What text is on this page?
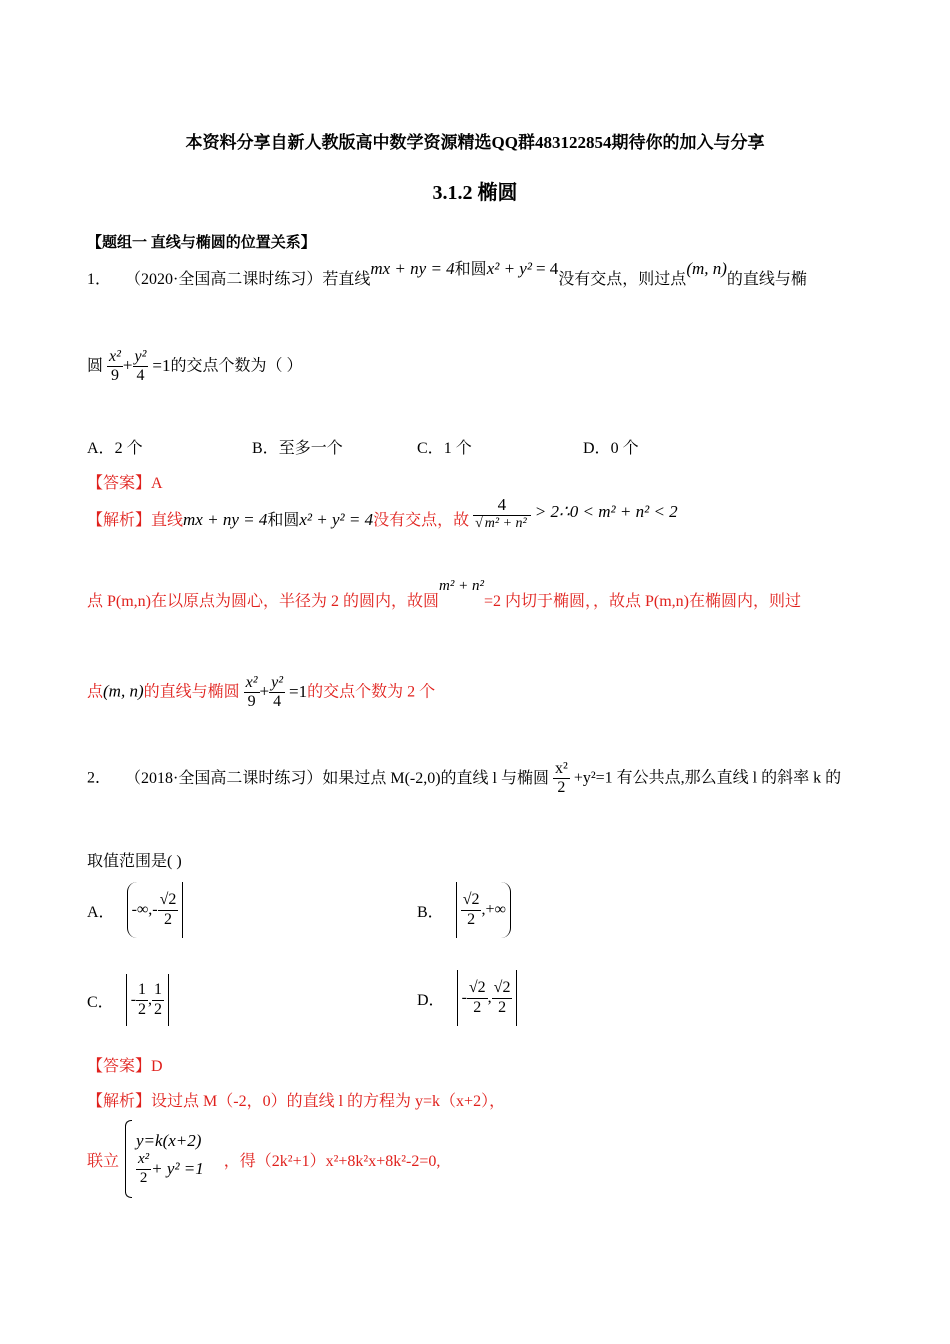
本资料分享自新人教版高中数学资源精选QQ群483122854期待你的加入与分享
3.1.2 椭圆
【题组一 直线与椭圆的位置关系】
1． （2020·全国高二课时练习）若直线mx + ny = 4和圆x² + y² = 4没有交点，则过点(m, n)的直线与椭
圆 $\frac{\text{x²}}{9} + \frac{\text{y²}}{4} =1$的交点个数为（ ）
A．2 个	B．至多一个	C．1 个	D．0 个
【答案】A
【解析】直线mx + ny = 4和圆x² + y² = 4没有交点，故 $\frac{4}{\text{√ m² + n²}}$ > 2∴0 < m² + n² < 2
点 P(m,n)在以原点为圆心，半径为 2 的圆内，故圆m² + n²=2 内切于椭圆，，故点 P(m,n)在椭圆内，则过
点(m, n)的直线与椭圆 $\frac{\text{x²}}{9} + \frac{\text{y²}}{4} =1$的交点个数为 2 个
2． （2018·全国高二课时练习）如果过点 M(-2,0)的直线 l 与椭圆 $\frac{\text{x²}}{2} +y^2=1$ 有公共点,那么直线 l 的斜率 k 的
取值范围是( )
A． -∞,- $\frac{√2}{2}$	B． $\frac{√2}{2}$ ,+∞
C． - $\frac{1}{2}$ , $\frac{1}{2}$	D． - $\frac{√2}{2}$ , $\frac{√2}{2}$
【答案】D
【解析】设过点 M（-2，0）的直线 l 的方程为 y=k（x+2），
联立
y=k(x+2)
$\frac{\text{x²}}{2} + y^2 =1$ ，得（2k²+1）x²+8k²x+8k²-2=0,
